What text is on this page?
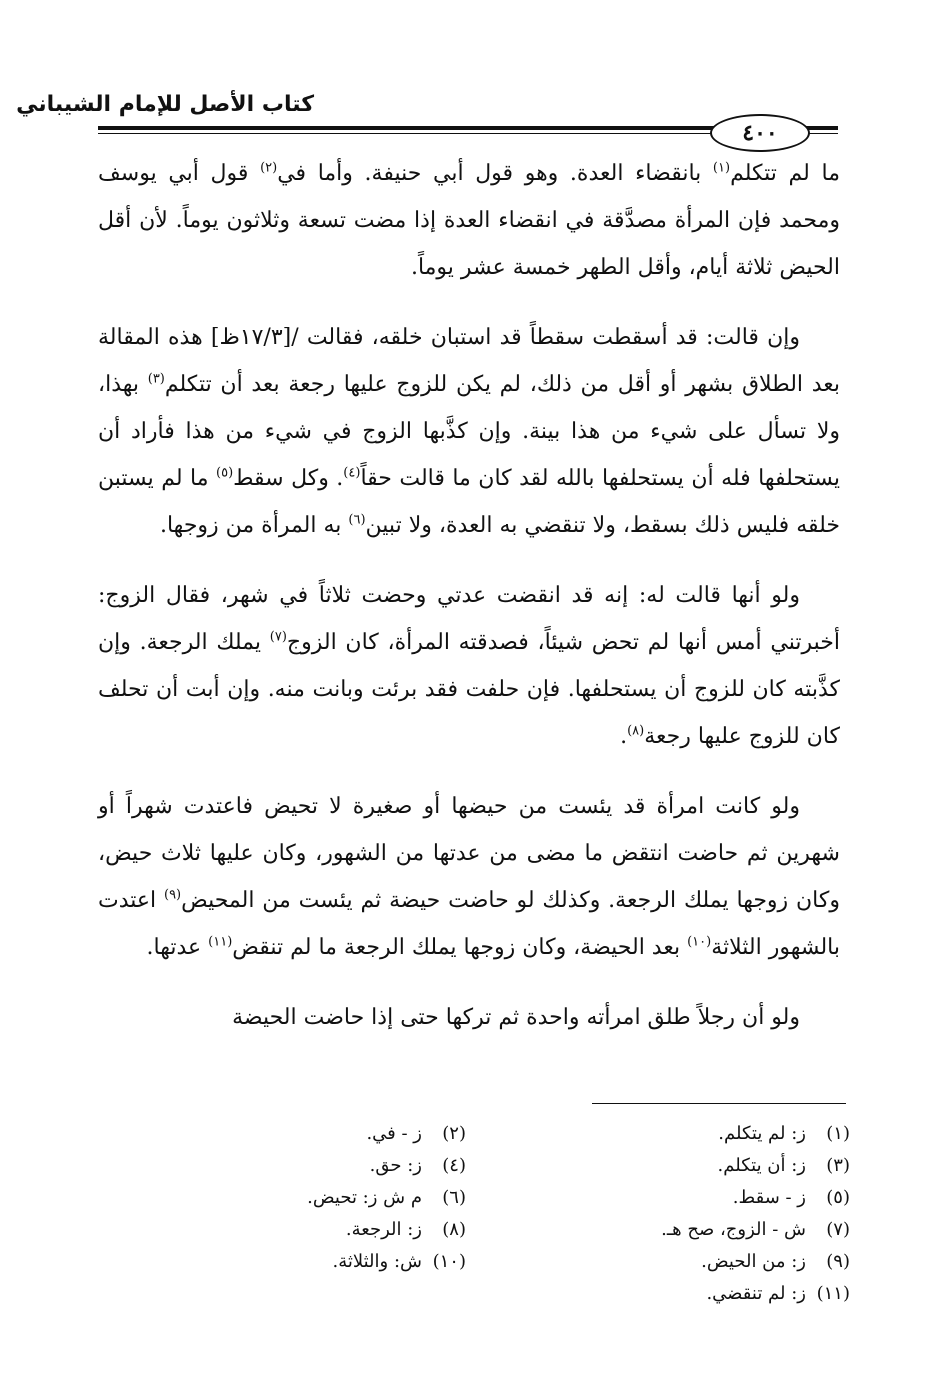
كتاب الأصل للإمام الشيباني
٤٠٠

ما لم تتكلم$^{(١)}$ بانقضاء العدة. وهو قول أبي حنيفة. وأما في$^{(٢)}$ قول أبي يوسف ومحمد فإن المرأة مصدَّقة في انقضاء العدة إذا مضت تسعة وثلاثون يوماً. لأن أقل الحيض ثلاثة أيام، وأقل الطهر خمسة عشر يوماً.

وإن قالت: قد أسقطت سقطاً قد استبان خلقه، فقالت /[١٧/٣ظ] هذه المقالة بعد الطلاق بشهر أو أقل من ذلك، لم يكن للزوج عليها رجعة بعد أن تتكلم$^{(٣)}$ بهذا، ولا تسأل على شيء من هذا بينة. وإن كذَّبها الزوج في شيء من هذا فأراد أن يستحلفها فله أن يستحلفها بالله لقد كان ما قالت حقاً$^{(٤)}$. وكل سقط$^{(٥)}$ ما لم يستبن خلقه فليس ذلك بسقط، ولا تنقضي به العدة، ولا تبين$^{(٦)}$ به المرأة من زوجها.

ولو أنها قالت له: إنه قد انقضت عدتي وحضت ثلاثاً في شهر، فقال الزوج: أخبرتني أمس أنها لم تحض شيئاً، فصدقته المرأة، كان الزوج$^{(٧)}$ يملك الرجعة. وإن كذَّبته كان للزوج أن يستحلفها. فإن حلفت فقد برئت وبانت منه. وإن أبت أن تحلف كان للزوج عليها رجعة$^{(٨)}$.

ولو كانت امرأة قد يئست من حيضها أو صغيرة لا تحيض فاعتدت شهراً أو شهرين ثم حاضت انتقض ما مضى من عدتها من الشهور، وكان عليها ثلاث حيض، وكان زوجها يملك الرجعة. وكذلك لو حاضت حيضة ثم يئست من المحيض$^{(٩)}$ اعتدت بالشهور الثلاثة$^{(١٠)}$ بعد الحيضة، وكان زوجها يملك الرجعة ما لم تنقض$^{(١١)}$ عدتها.

ولو أن رجلاً طلق امرأته واحدة ثم تركها حتى إذا حاضت الحيضة

(١)ز: لم يتكلم.
(٣)ز: أن يتكلم.
(٥)ز - سقط.
(٧)ش - الزوج، صح هـ.
(٩)ز: من الحيض.
(١١)ز: لم تنقضي.
(٢)ز - في.
(٤)ز: حق.
(٦)م ش ز: تحيض.
(٨)ز: الرجعة.
(١٠)ش: والثلاثة.
